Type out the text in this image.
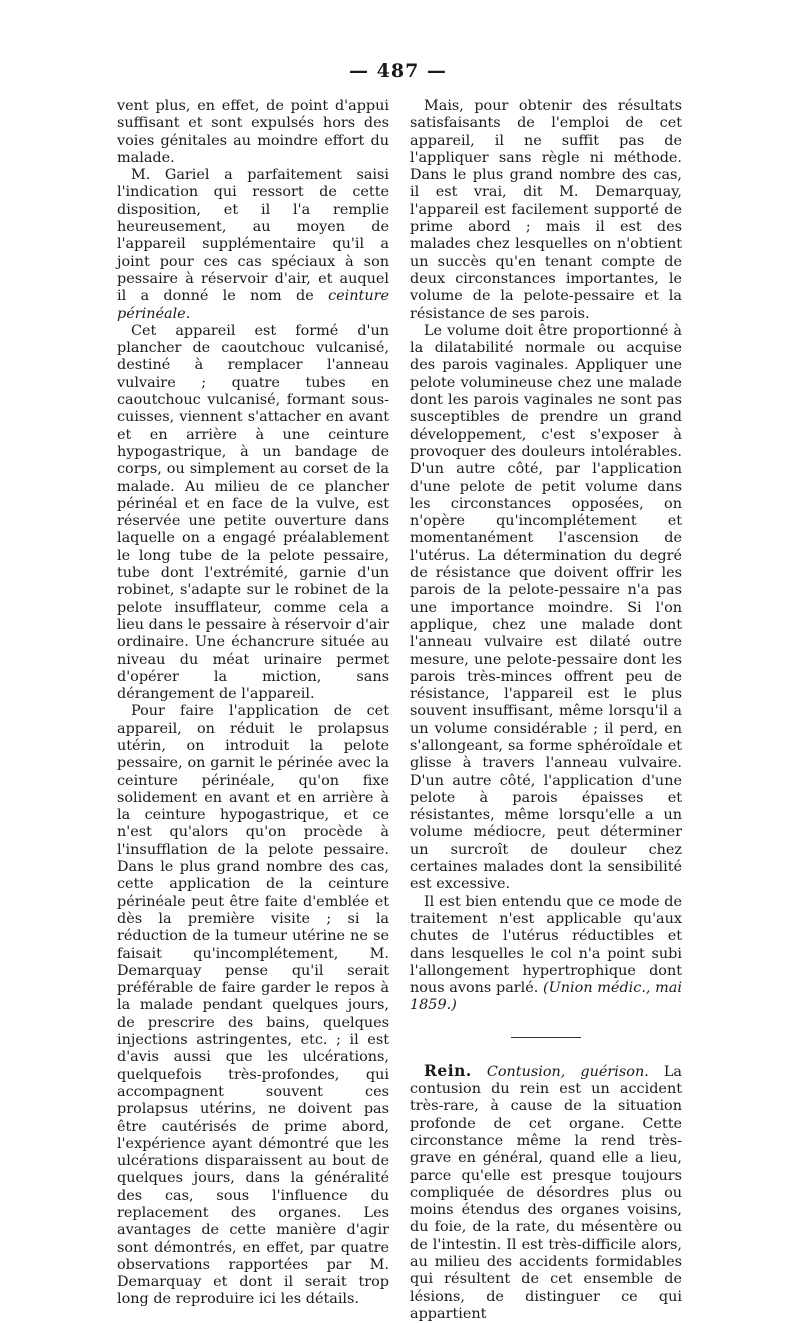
— 487 —

vent plus, en effet, de point d'appui suffisant et sont expulsés hors des voies génitales au moindre effort du malade.

M. Gariel a parfaitement saisi l'indication qui ressort de cette disposition, et il l'a remplie heureusement, au moyen de l'appareil supplémentaire qu'il a joint pour ces cas spéciaux à son pessaire à réservoir d'air, et auquel il a donné le nom de ceinture périnéale.

Cet appareil est formé d'un plancher de caoutchouc vulcanisé, destiné à remplacer l'anneau vulvaire ; quatre tubes en caoutchouc vulcanisé, formant sous-cuisses, viennent s'attacher en avant et en arrière à une ceinture hypogastrique, à un bandage de corps, ou simplement au corset de la malade. Au milieu de ce plancher périnéal et en face de la vulve, est réservée une petite ouverture dans laquelle on a engagé préalablement le long tube de la pelote pessaire, tube dont l'extrémité, garnie d'un robinet, s'adapte sur le robinet de la pelote insufflateur, comme cela a lieu dans le pessaire à réservoir d'air ordinaire. Une échancrure située au niveau du méat urinaire permet d'opérer la miction, sans dérangement de l'appareil.

Pour faire l'application de cet appareil, on réduit le prolapsus utérin, on introduit la pelote pessaire, on garnit le périnée avec la ceinture périnéale, qu'on fixe solidement en avant et en arrière à la ceinture hypogastrique, et ce n'est qu'alors qu'on procède à l'insufflation de la pelote pessaire. Dans le plus grand nombre des cas, cette application de la ceinture périnéale peut être faite d'emblée et dès la première visite ; si la réduction de la tumeur utérine ne se faisait qu'incomplétement, M. Demarquay pense qu'il serait préférable de faire garder le repos à la malade pendant quelques jours, de prescrire des bains, quelques injections astringentes, etc. ; il est d'avis aussi que les ulcérations, quelquefois très-profondes, qui accompagnent souvent ces prolapsus utérins, ne doivent pas être cautérisés de prime abord, l'expérience ayant démontré que les ulcérations disparaissent au bout de quelques jours, dans la généralité des cas, sous l'influence du replacement des organes. Les avantages de cette manière d'agir sont démontrés, en effet, par quatre observations rapportées par M. Demarquay et dont il serait trop long de reproduire ici les détails.

Mais, pour obtenir des résultats satisfaisants de l'emploi de cet appareil, il ne suffit pas de l'appliquer sans règle ni méthode. Dans le plus grand nombre des cas, il est vrai, dit M. Demarquay, l'appareil est facilement supporté de prime abord ; mais il est des malades chez lesquelles on n'obtient un succès qu'en tenant compte de deux circonstances importantes, le volume de la pelote-pessaire et la résistance de ses parois.

Le volume doit être proportionné à la dilatabilité normale ou acquise des parois vaginales. Appliquer une pelote volumineuse chez une malade dont les parois vaginales ne sont pas susceptibles de prendre un grand développement, c'est s'exposer à provoquer des douleurs intolérables. D'un autre côté, par l'application d'une pelote de petit volume dans les circonstances opposées, on n'opère qu'incomplétement et momentanément l'ascension de l'utérus. La détermination du degré de résistance que doivent offrir les parois de la pelote-pessaire n'a pas une importance moindre. Si l'on applique, chez une malade dont l'anneau vulvaire est dilaté outre mesure, une pelote-pessaire dont les parois très-minces offrent peu de résistance, l'appareil est le plus souvent insuffisant, même lorsqu'il a un volume considérable ; il perd, en s'allongeant, sa forme sphéroïdale et glisse à travers l'anneau vulvaire. D'un autre côté, l'application d'une pelote à parois épaisses et résistantes, même lorsqu'elle a un volume médiocre, peut déterminer un surcroît de douleur chez certaines malades dont la sensibilité est excessive.

Il est bien entendu que ce mode de traitement n'est applicable qu'aux chutes de l'utérus réductibles et dans lesquelles le col n'a point subi l'allongement hypertrophique dont nous avons parlé. (Union médic., mai 1859.)

Rein. Contusion, guérison. La contusion du rein est un accident très-rare, à cause de la situation profonde de cet organe. Cette circonstance même la rend très-grave en général, quand elle a lieu, parce qu'elle est presque toujours compliquée de désordres plus ou moins étendus des organes voisins, du foie, de la rate, du mésentère ou de l'intestin. Il est très-difficile alors, au milieu des accidents formidables qui résultent de cet ensemble de lésions, de distinguer ce qui appartient
